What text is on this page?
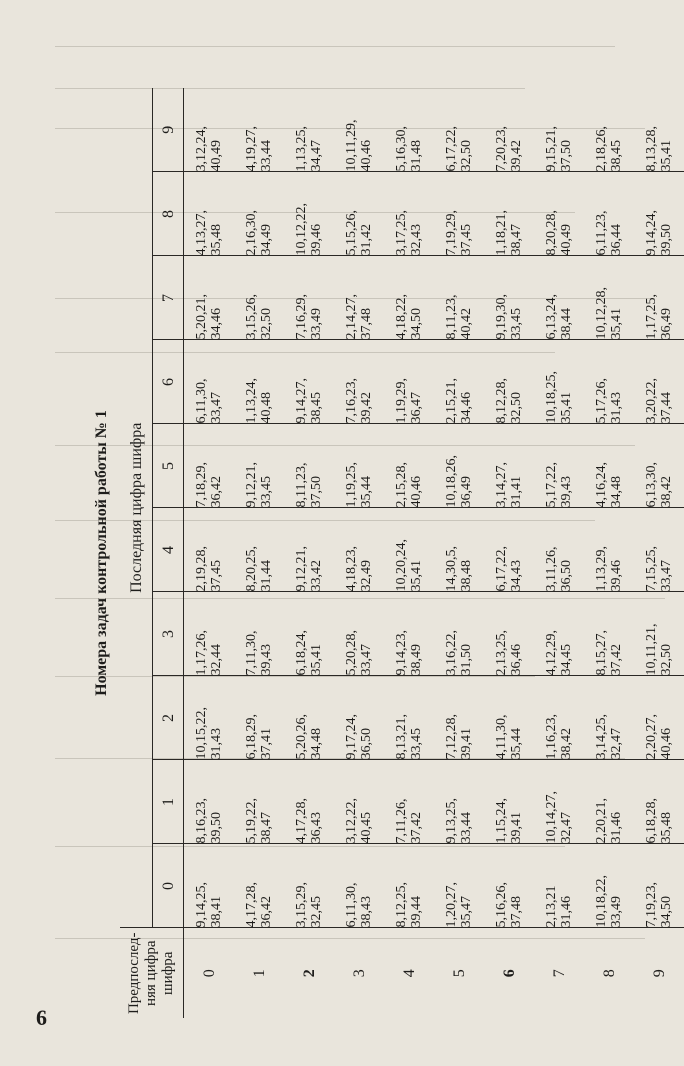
6
Номера задач контрольной работы № 1
Предпослед- няя цифра шифра	Последняя цифра шифра									
	0	1	2	3	4	5	6	7	8	9
0	9,14,25, 38,41	8,16,23, 39,50	10,15,22, 31,43	1,17,26, 32,44	2,19,28, 37,45	7,18,29, 36,42	6,11,30, 33,47	5,20,21, 34,46	4,13,27, 35,48	3,12,24, 40,49

1	4,17,28, 36,42	5,19,22, 38,47	6,18,29, 37,41	7,11,30, 39,43	8,20,25, 31,44	9,12,21, 33,45	1,13,24, 40,48	3,15,26, 32,50	2,16,30, 34,49	4,19,27, 33,44

2	3,15,29, 32,45	4,17,28, 36,43	5,20,26, 34,48	6,18,24, 35,41	9,12,21, 33,42	8,11,23, 37,50	9,14,27, 38,45	7,16,29, 33,49	10,12,22, 39,46	1,13,25, 34,47

3	6,11,30, 38,43	3,12,22, 40,45	9,17,24, 36,50	5,20,28, 33,47	4,18,23, 32,49	1,19,25, 35,44	7,16,23, 39,42	2,14,27, 37,48	5,15,26, 31,42	10,11,29, 40,46

4	8,12,25, 39,44	7,11,26, 37,42	8,13,21, 33,45	9,14,23, 38,49	10,20,24, 35,41	2,15,28, 40,46	1,19,29, 36,47	4,18,22, 34,50	3,17,25, 32,43	5,16,30, 31,48

5	1,20,27, 35,47	9,13,25, 33,44	7,12,28, 39,41	3,16,22, 31,50	14,30,5, 38,48	10,18,26, 36,49	2,15,21, 34,46	8,11,23, 40,42	7,19,29, 37,45	6,17,22, 32,50

6	5,16,26, 37,48	1,15,24, 39,41	4,11,30, 35,44	2,13,25, 36,46	6,17,22, 34,43	3,14,27, 31,41	8,12,28, 32,50	9,19,30, 33,45	1,18,21, 38,47	7,20,23, 39,42

7	2,13,21 31,46	10,14,27, 32,47	1,16,23, 38,42	4,12,29, 34,45	3,11,26, 36,50	5,17,22, 39,43	10,18,25, 35,41	6,13,24, 38,44	8,20,28, 40,49	9,15,21, 37,50

8	10,18,22, 33,49	2,20,21, 31,46	3,14,25, 32,47	8,15,27, 37,42	1,13,29, 39,46	4,16,24, 34,48	5,17,26, 31,43	10,12,28, 35,41	6,11,23, 36,44	2,18,26, 38,45

9	7,19,23, 34,50	6,18,28, 35,48	2,20,27, 40,46	10,11,21, 32,50	7,15,25, 33,47	6,13,30, 38,42	3,20,22, 37,44	1,17,25, 36,49	9,14,24, 39,50	8,13,28, 35,41
